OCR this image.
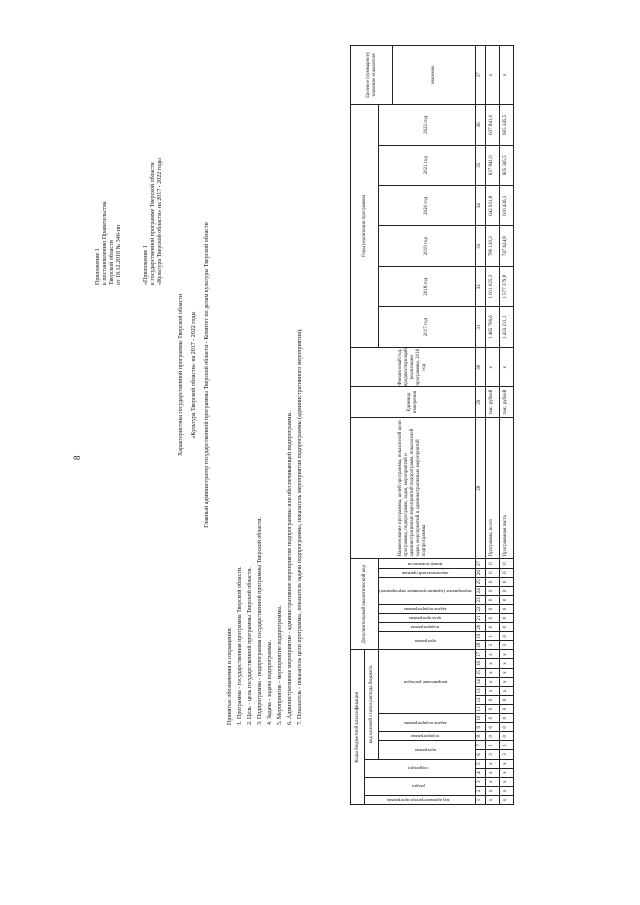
8
Приложение 1 к постановлению Правительства Тверской области от 18.12.2018 № 346-пп	«Приложение 1 к государственной программе Тверской области «Культура Тверской области» на 2017 - 2022 годы
Характеристика государственной программы Тверской области «Культура Тверской области» на 2017 - 2022 годы Главный администратор государственной программы Тверской области - Комитет по делам культуры Тверской области
Принятые обозначения и сокращения: 1. Программа - государственная программа Тверской области. 2. Цель - цель государственной программы Тверской области. 3. Подпрограмма - подпрограмма государственной программы Тверской области. 4. Задача - задача подпрограммы. 5. Мероприятие - мероприятие подпрограммы. 6. Административное мероприятие - административное мероприятие подпрограммы или обеспечивающей подпрограммы. 7. Показатель - показатель цели программы, показатель задачи подпрограммы, показатель мероприятия подпрограммы (административного мероприятия).
Коды бюджетной классификации																	Дополнительный аналитический код										Наименование программы, целей программы, показателей цели программы, подпрограмм, задач, мероприятий и административных мероприятий подпрограмм, показателей задач, мероприятий и административных мероприятий подпрограммы	Единица измерения	Финансовый год, предшествующий реализации программы, 2016 год	Годы реализации программы						Целевое (суммарное) значение показателя
код администратора программы	раздел		подраздел		код целевой статьи расхода бюджета																															
					программа		подпрограмма	задача подпрограммы		направление расходов							программа		подпрограмма	цель программы	задача подпрограммы	мероприятие (административное мероприятие)			аналитический признак	номер показателя				2017 год	2018 год	2019 год	2020 год	2021 год	2022 год	
																																				значение
1	2	3	4	5	6	7	8	9	10	11	12	13	14	15	16	17	18	19	20	21	22	23	24	25	26	27	28	29	30	31	32	33	34	35	36	37
x	x	x	x	x	3	1	0	0	0	0	0	x	x	x	x	x	3	1	0	0	0	0	0	0	0	0	Программа, всего	тыс. рублей	x	1 465 706,6	1 611 025,3	780 120,3	642 931,8	637 841,0	637 841,0	x
x	x	x	x	x	3	1	0	0	0	0	0	x	x	x	x	x	3	0	0	0	0	0	0	0	0	0	Программная часть	тыс. рублей	x	1 433 211,1	1 577 379,8	747 624,8	610 436,3	605 345,5	605 345,5	x
